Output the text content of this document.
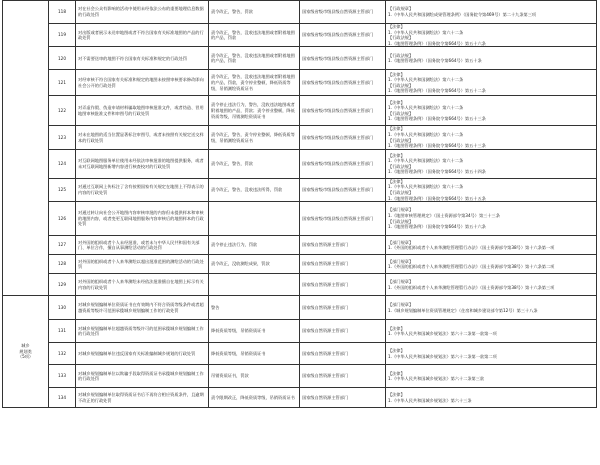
	118	对在社会公众有影响的活动中使用未经依法公布的重要地理信息数据的行政处罚	责令改正，警告，罚款	国家级省级市级县级自然资源主管部门	【行政规章】
1.《中华人民共和国测绘成果管理条例》（国务院令第469号）第二十九条第三项

	119	对出版或者展示未送审地图或者不符合国家有关标准地图的产品的行政处罚	责令改正，警告，没收违法地图或者附着地图的产品，罚款	国家级省级市级县级自然资源主管部门	【法律】
1.《中华人民共和国测绘法》第六十二条
【行政法规】
1.《地图管理条例》（国务院令第664号）第五十六条

	120	对不需要送审的地图不符合国家有关标准和规定的行政处罚	责令改正，警告，没收违法地图或者附着地图的产品，罚款	国家级省级市级县级自然资源主管部门	【行政法规】
1.《地图管理条例》（国务院令第664号）第五十条

	121	对经审核不符合国家有关标准和规定的地图未按照审核要求修改即向社会公开的行政处罚	责令改正，警告，没收违法地图或者附着地图的产品，罚款，责令停业整顿，降低资质等级，吊销测绘资质证书	国家级省级市级县级自然资源主管部门	【法律】
1.《中华人民共和国测绘法》第六十二条
【行政法规】
1.《地图管理条例》（国务院令第664号）第五十二条

	122	对弄虚作假、伪造申请材料骗取地图审核批准文件，或者伪造、冒用地图审核批准文件和审图号的行政处罚	责令停止违法行为，警告，没收违法地图或者附着地图的产品，罚款；责令停业整顿，降低资质等级，吊销测绘资质证书	国家级省级市级县级自然资源主管部门	【法律】
1.《中华人民共和国测绘法》第六十二条
【行政法规】
1.《地图管理条例》（国务院令第664号）第五十三条

	123	对未在地图的适当位置显著标注审图号，或者未按照有关规定送交样本的行政处罚	责令改正，警告，责令停业整顿，降低资质等级，吊销测绘资质证书	国家级省级市级县级自然资源主管部门	【法律】
1.《中华人民共和国测绘法》第六十二条
【行政法规】
1.《地图管理条例》（国务院令第664号）第五十三条

	124	对互联网地图服务单位使用未经依法审核批准的地图提供服务，或者未对互联网地图新增内容进行核查校对的行政处罚	责令改正，警告，罚款	国家级省级市级县级自然资源主管部门	【法律】
1.《中华人民共和国测绘法》第六十二条
【行政法规】
1.《地图管理条例》（国务院令第664号）第五十四条

	125	对通过互联网上传标注了含有按照国家有关规定在地图上不得表示的内容的行政处罚	责令改正，警告，没收违法所得，罚款	国家级省级市级县级自然资源主管部门	【法律】
1.《中华人民共和国测绘法》第六十二条
【行政法规】
1.《地图管理条例》（国务院令第664号）第五十五条

	126	对通过转让向社会公开地图内容审核审批的内容但未提供样本和审核的地图内容，或者变更互联网地图服务内容审核后的地图样本的行政处罚		国家级省级市级县级自然资源主管部门	【部门规章】
1.《地图审核管理规定》（国土资源部令第34号）第三十三条
【行政法规】
1.《地图管理条例》（国务院令第664号）第五十六条

	127	对外国的组织或者个人未经批准，或者未与中华人民共和国有关部门、单位合作，擅自从事测绘活动的行政处罚	责令停止违法行为，罚款	国家级自然资源主管部门	【部门规章】
1.《外国的组织或者个人来华测绘管理暂行办法》（国土资源部令第38号）第十六条第一项

	128	对外国的组织或者个人来华测绘以超出批准范围的测绘活动的行政处罚	责令改正，没收测绘成果，罚款	国家级自然资源主管部门	【部门规章】
1.《外国的组织或者个人来华测绘管理暂行办法》（国土资源部令第38号）第十六条第二项

	129	对外国的组织或者个人来华测绘未经依法批准擅自在地图上标示有关内容的行政处罚		国家级自然资源主管部门	【部门规章】
1.《外国的组织或者个人来华测绘管理暂行办法》（国土资源部令第38号）第十六条第三项

城乡
规划类
（5项）	130	对城乡规划编制单位资质证书在有效期内不符合资质等级条件或者超越资质等级许可范围承揽城乡规划编制工作的行政处罚	警告	国家级自然资源主管部门	【部门规章】
1.《城乡规划编制单位资质管理规定》（住房和城乡建设部令第12号）第三十八条

	131	对城乡规划编制单位超越资质等级许可的范围承揽城乡规划编制工作的行政处罚	降低资质等级，吊销资质证书	国家级自然资源主管部门	【法律】
1.《中华人民共和国城乡规划法》第六十二条第一款第一项

	132	对城乡规划编制单位违反国家有关标准编制城乡规划的行政处罚	降低资质等级，吊销资质证书	国家级自然资源主管部门	【法律】
1.《中华人民共和国城乡规划法》第六十二条第一款第二项

	133	对城乡规划编制单位以欺骗手段取得资质证书承揽城乡规划编制工作的行政处罚	吊销资质证书，罚款	国家级自然资源主管部门	【法律】
1.《中华人民共和国城乡规划法》第六十二条第三款

	134	对城乡规划编制单位取得资质证书后不再符合相应资质条件，且逾期不改正的行政处罚	责令限期改正，降低资质等级，吊销资质证书	国家级自然资源主管部门	【法律】
1.《中华人民共和国城乡规划法》第六十三条
